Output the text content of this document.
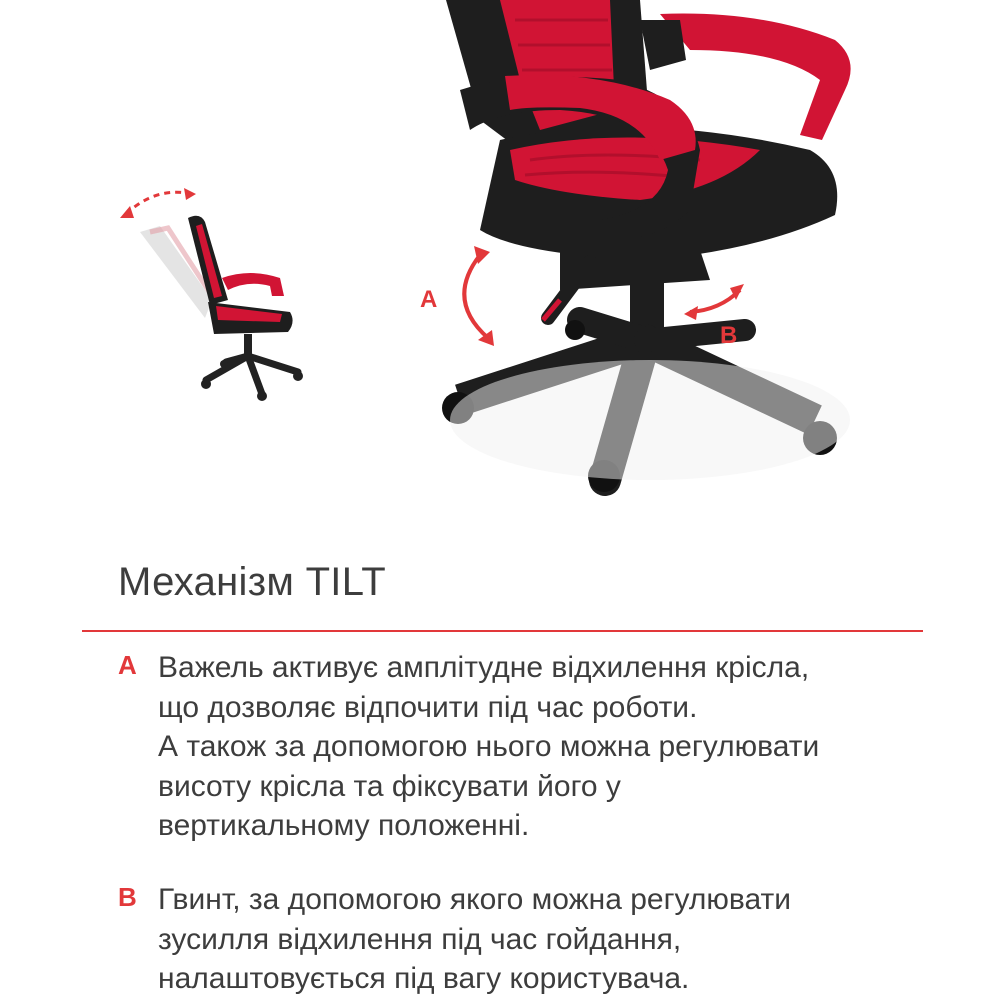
A
B
Механізм TILT
A Важель активує амплітудне відхилення крісла,
що дозволяє відпочити під час роботи.
А також за допомогою нього можна регулювати
висоту крісла та фіксувати його у
вертикальному положенні.
B Гвинт, за допомогою якого можна регулювати
зусилля відхилення під час гойдання,
налаштовується під вагу користувача.
